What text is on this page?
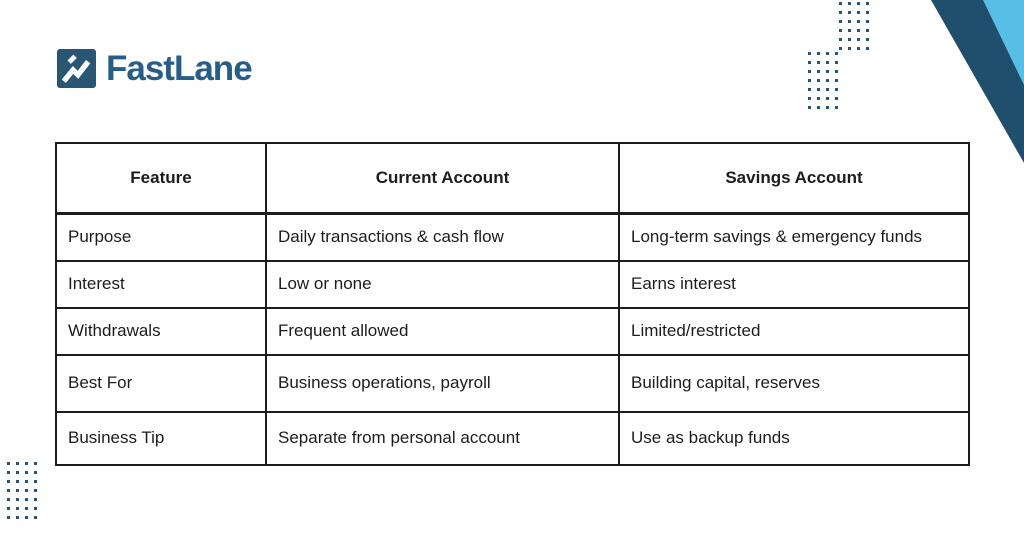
FastLane
Feature	Current Account	Savings Account
Purpose	Daily transactions & cash flow	Long-term savings & emergency funds
Interest	Low or none	Earns interest
Withdrawals	Frequent allowed	Limited/restricted
Best For	Business operations, payroll	Building capital, reserves
Business Tip	Separate from personal account	Use as backup funds
